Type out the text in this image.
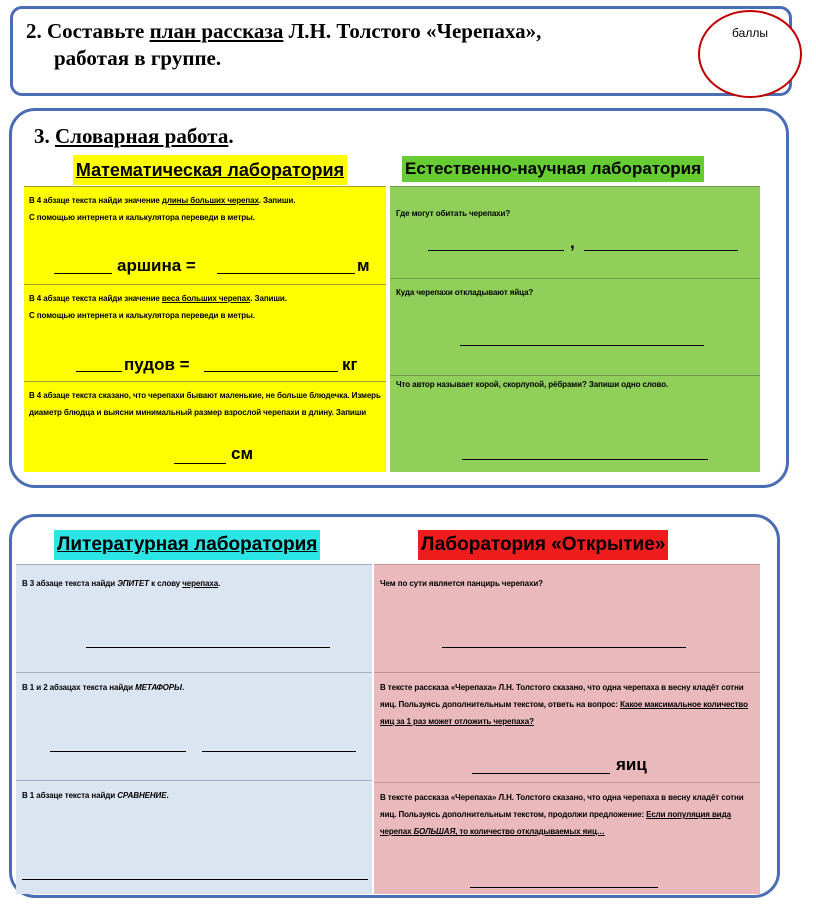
2. Составьте план рассказа Л.Н. Толстого «Черепаха»,
работая в группе.
баллы
3. Словарная работа.
Математическая лаборатория
В 4 абзаце текста найди значение длины больших черепах. Запиши.
С помощью интернета и калькулятора переведи в метры.
аршина =	м
В 4 абзаце текста найди значение веса больших черепах. Запиши.
С помощью интернета и калькулятора переведи в метры.
пудов =	кг
В 4 абзаце текста сказано, что черепахи бывают маленькие, не больше блюдечка. Измерь диаметр блюдца и выясни минимальный размер взрослой черепахи в длину. Запиши
см
Естественно-научная лаборатория
Где могут обитать черепахи?
,
Куда черепахи откладывают яйца?
Что автор называет корой, скорлупой, рёбрами? Запиши одно слово.
Литературная лаборатория
В 3 абзаце текста найди ЭПИТЕТ к слову черепаха.
В 1 и 2 абзацах текста найди МЕТАФОРЫ.
В 1 абзаце текста найди СРАВНЕНИЕ.
Лаборатория «Открытие»
Чем по сути является панцирь черепахи?
В тексте рассказа «Черепаха» Л.Н. Толстого сказано, что одна черепаха в весну кладёт сотни яиц. Пользуясь дополнительным текстом, ответь на вопрос: Какое максимальное количество яиц за 1 раз может отложить черепаха?
яиц
В тексте рассказа «Черепаха» Л.Н. Толстого сказано, что одна черепаха в весну кладёт сотни яиц. Пользуясь дополнительным текстом, продолжи предложение: Если популяция вида черепах БОЛЬШАЯ, то количество откладываемых яиц…
